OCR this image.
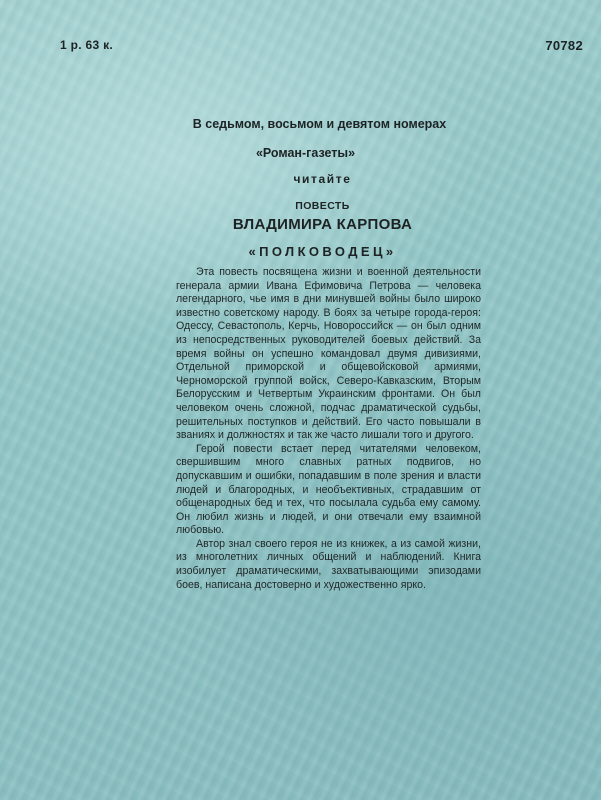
1 р. 63 к.	70782

В седьмом, восьмом и девятом номерах

«Роман-газеты»

читайте

ПОВЕСТЬ

ВЛАДИМИРА КАРПОВА

«ПОЛКОВОДЕЦ»

Эта повесть посвящена жизни и военной деятельности генерала армии Ивана Ефимовича Петрова — человека легендарного, чье имя в дни минувшей войны было широко известно советскому народу. В боях за четыре города-героя: Одессу, Севастополь, Керчь, Новороссийск — он был одним из непосредственных руководителей боевых действий. За время войны он успешно командовал двумя дивизиями, Отдельной приморской и общевойсковой армиями, Черноморской группой войск, Северо-Кавказским, Вторым Белорусским и Четвертым Украинским фронтами. Он был человеком очень сложной, подчас драматической судьбы, решительных поступков и действий. Его часто повышали в званиях и должностях и так же часто лишали того и другого.

Герой повести встает перед читателями человеком, свершившим много славных ратных подвигов, но допускавшим и ошибки, попадавшим в поле зрения и власти людей и благородных, и необъективных, страдавшим от общенародных бед и тех, что посылала судьба ему самому. Он любил жизнь и людей, и они отвечали ему взаимной любовью.

Автор знал своего героя не из книжек, а из самой жизни, из многолетних личных общений и наблюдений. Книга изобилует драматическими, захватывающими эпизодами боев, написана достоверно и художественно ярко.
